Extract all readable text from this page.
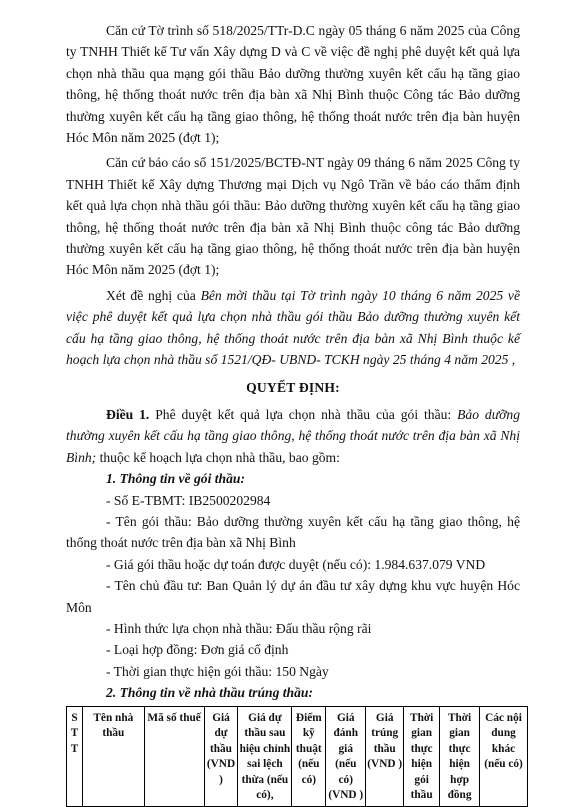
Căn cứ Tờ trình số 518/2025/TTr-D.C ngày 05 tháng 6 năm 2025 của Công ty TNHH Thiết kế Tư vấn Xây dựng D và C về việc đề nghị phê duyệt kết quả lựa chọn nhà thầu qua mạng gói thầu Bảo dưỡng thường xuyên kết cấu hạ tầng giao thông, hệ thống thoát nước trên địa bàn xã Nhị Bình thuộc Công tác Bảo dưỡng thường xuyên kết cấu hạ tầng giao thông, hệ thống thoát nước trên địa bàn huyện Hóc Môn năm 2025 (đợt 1);

Căn cứ báo cáo số 151/2025/BCTĐ-NT ngày 09 tháng 6 năm 2025 Công ty TNHH Thiết kế Xây dựng Thương mại Dịch vụ Ngô Trần về báo cáo thẩm định kết quả lựa chọn nhà thầu gói thầu: Bảo dưỡng thường xuyên kết cấu hạ tầng giao thông, hệ thống thoát nước trên địa bàn xã Nhị Bình thuộc công tác Bảo dưỡng thường xuyên kết cấu hạ tầng giao thông, hệ thống thoát nước trên địa bàn huyện Hóc Môn năm 2025 (đợt 1);

Xét đề nghị của Bên mời thầu tại Tờ trình ngày 10 tháng 6 năm 2025 về việc phê duyệt kết quả lựa chọn nhà thầu gói thầu Bảo dưỡng thường xuyên kết cấu hạ tầng giao thông, hệ thống thoát nước trên địa bàn xã Nhị Bình thuộc kế hoạch lựa chọn nhà thầu số 1521/QĐ- UBND- TCKH ngày 25 tháng 4 năm 2025 ,

QUYẾT ĐỊNH:

Điều 1. Phê duyệt kết quả lựa chọn nhà thầu của gói thầu: Bảo dưỡng thường xuyên kết cấu hạ tầng giao thông, hệ thống thoát nước trên địa bàn xã Nhị Bình; thuộc kế hoạch lựa chọn nhà thầu, bao gồm:

1. Thông tin về gói thầu:

- Số E-TBMT: IB2500202984

- Tên gói thầu: Bảo dưỡng thường xuyên kết cấu hạ tầng giao thông, hệ thống thoát nước trên địa bàn xã Nhị Bình

- Giá gói thầu hoặc dự toán được duyệt (nếu có): 1.984.637.079 VND

- Tên chủ đầu tư: Ban Quản lý dự án đầu tư xây dựng khu vực huyện Hóc Môn

- Hình thức lựa chọn nhà thầu: Đấu thầu rộng rãi

- Loại hợp đồng: Đơn giá cố định

- Thời gian thực hiện gói thầu: 150 Ngày

2. Thông tin về nhà thầu trúng thầu:

S T T	Tên nhà thầu	Mã số thuế	Giá dự thầu (VND )	Giá dự thầu sau hiệu chỉnh sai lệch thừa (nếu có),	Điểm kỹ thuật (nếu có)	Giá đánh giá (nếu có) (VND )	Giá trúng thầu (VND )	Thời gian thực hiện gói thầu	Thời gian thực hiện hợp đồng	Các nội dung khác (nếu có)
